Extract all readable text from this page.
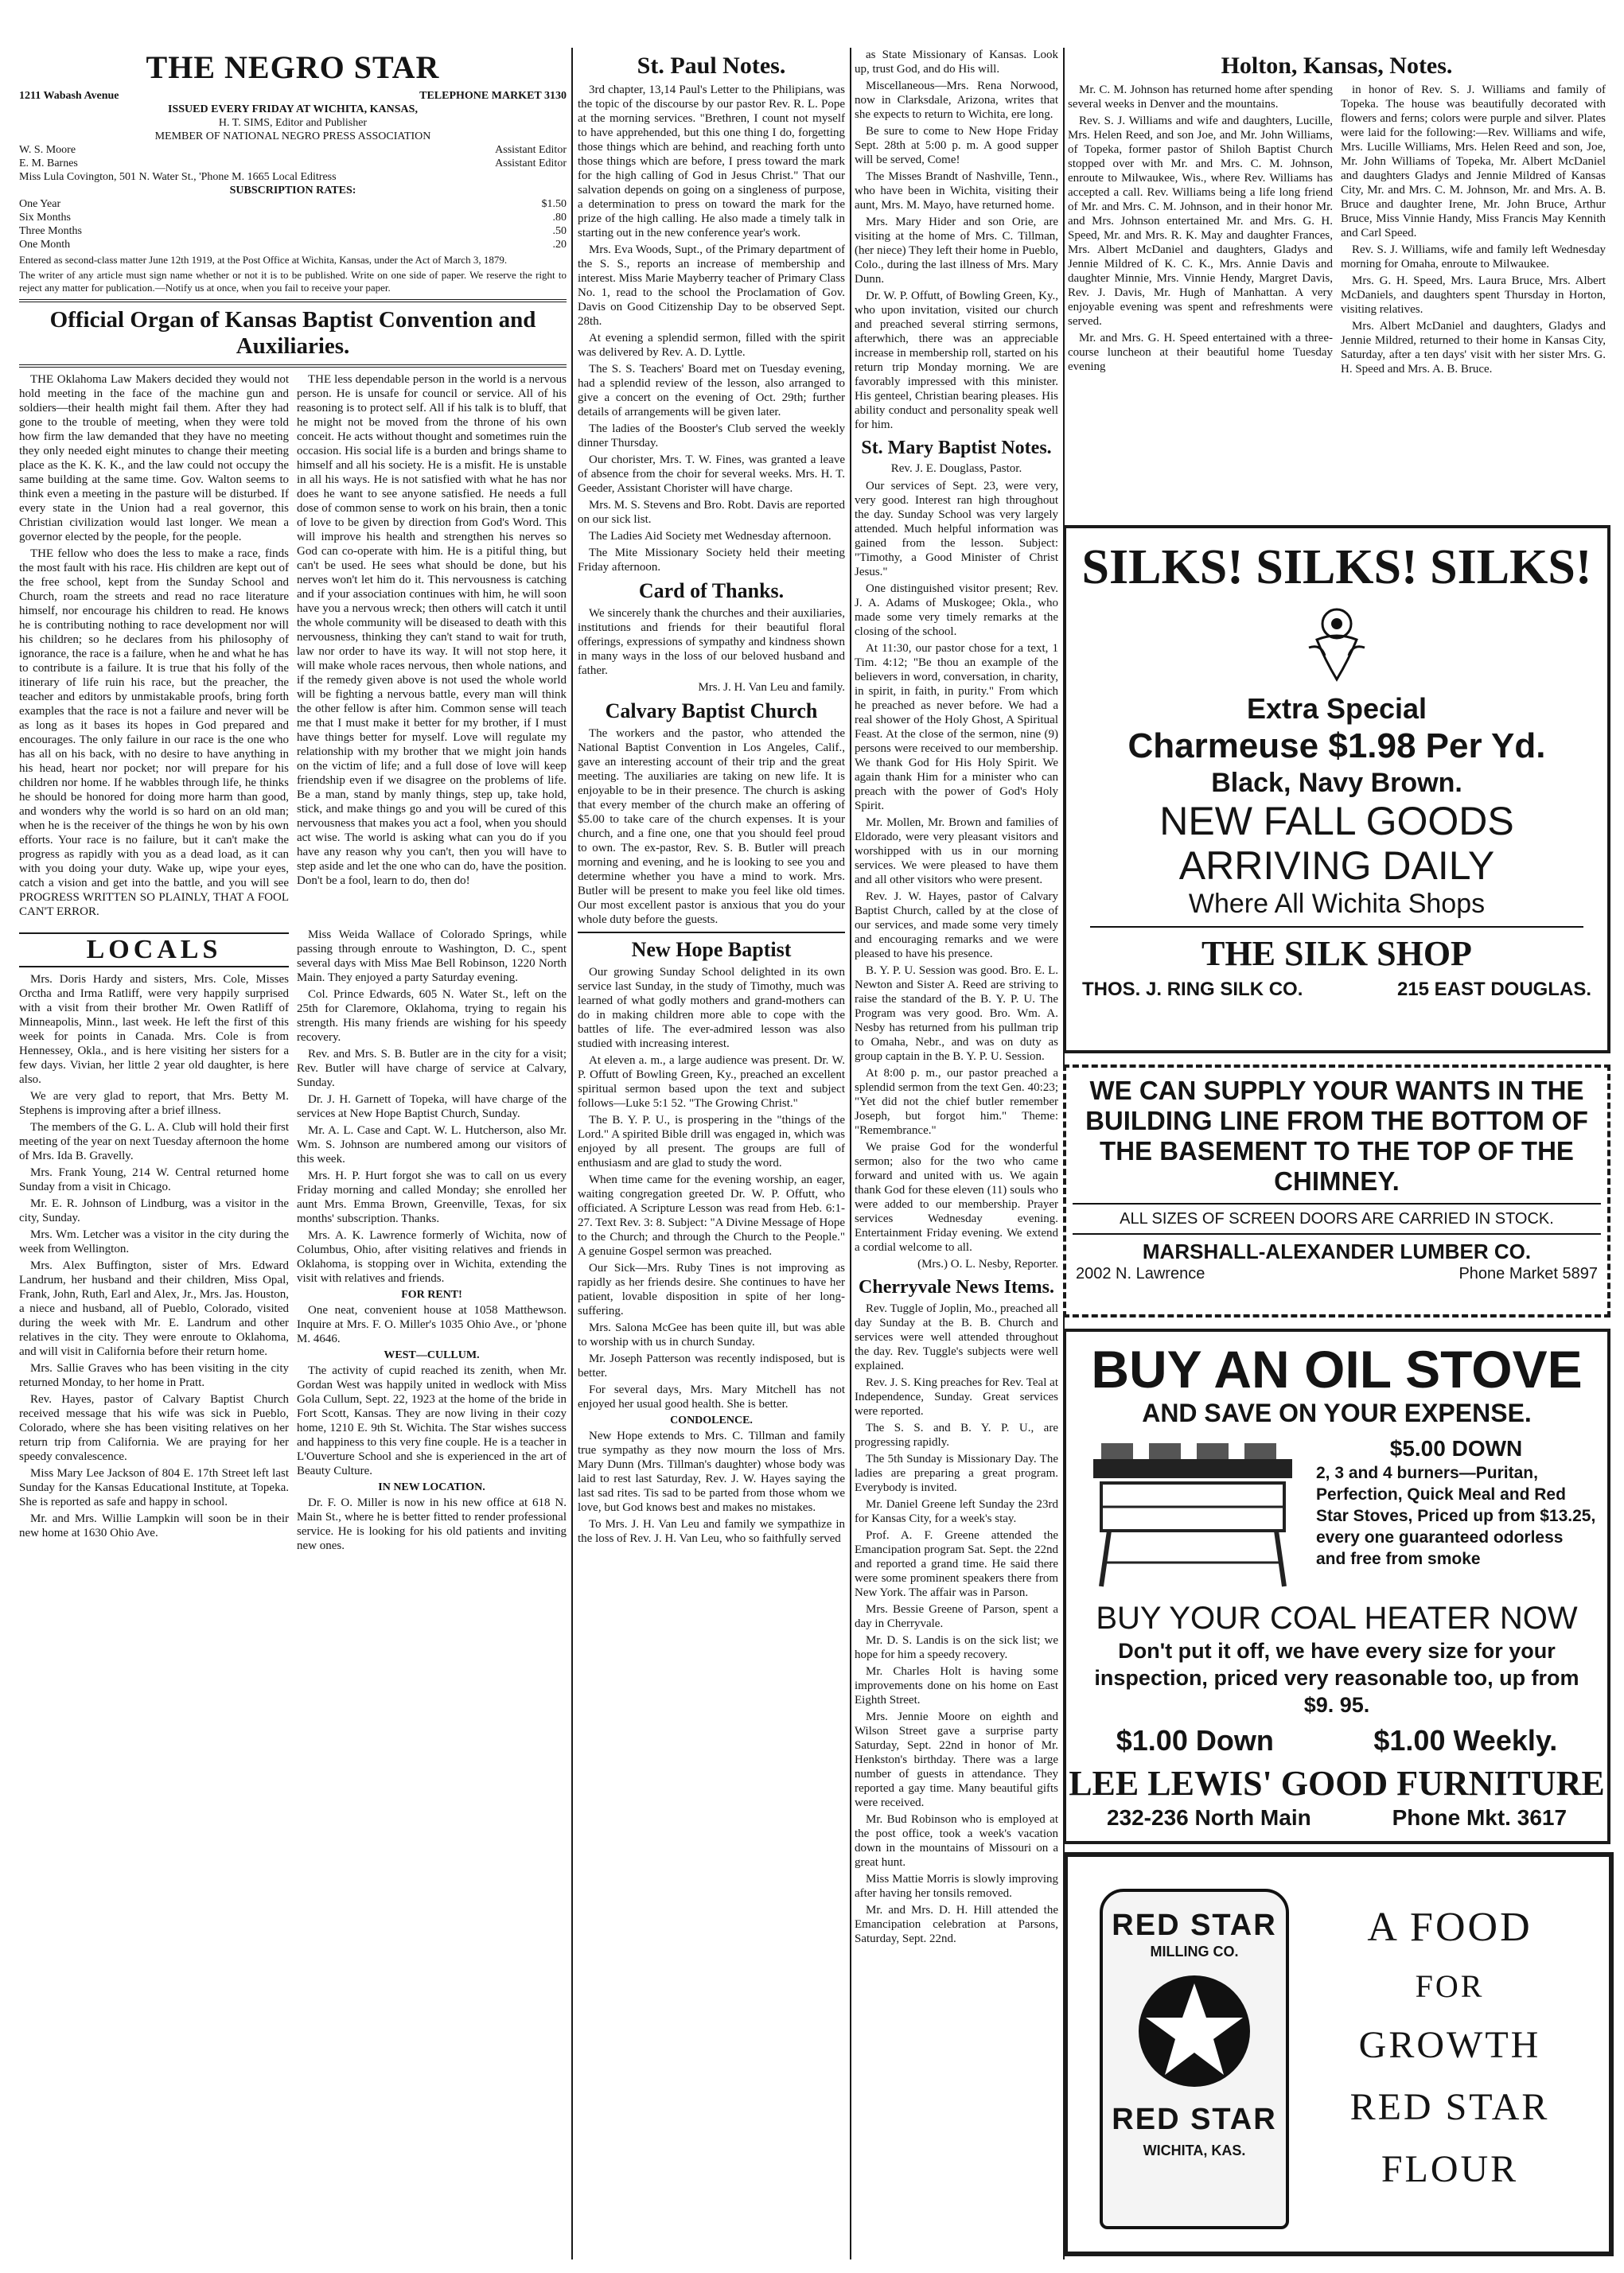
THE NEGRO STAR
1211 Wabash Avenue	TELEPHONE MARKET 3130
ISSUED EVERY FRIDAY AT WICHITA, KANSAS,
H. T. SIMS, Editor and Publisher
MEMBER OF NATIONAL NEGRO PRESS ASSOCIATION
W. S. Moore	Assistant Editor
E. M. Barnes	Assistant Editor
Miss Lula Covington, 501 N. Water St., 'Phone M. 1665 Local Editress
SUBSCRIPTION RATES:
One Year	$1.50
Six Months	.80
Three Months	.50
One Month	.20
Entered as second-class matter June 12th 1919, at the Post Office at Wichita, Kansas, under the Act of March 3, 1879.
The writer of any article must sign name whether or not it is to be published. Write on one side of paper. We reserve the right to reject any matter for publication.—Notify us at once, when you fail to receive your paper.
Official Organ of Kansas Baptist Convention and Auxiliaries.

THE Oklahoma Law Makers decided they would not hold meeting in the face of the machine gun and soldiers—their health might fail them. After they had gone to the trouble of meeting, when they were told how firm the law demanded that they have no meeting they only needed eight minutes to change their meeting place as the K. K. K., and the law could not occupy the same building at the same time. Gov. Walton seems to think even a meeting in the pasture will be disturbed. If every state in the Union had a real governor, this Christian civilization would last longer. We mean a governor elected by the people, for the people.

THE fellow who does the less to make a race, finds the most fault with his race. His children are kept out of the free school, kept from the Sunday School and Church, roam the streets and read no race literature himself, nor encourage his children to read. He knows he is contributing nothing to race development nor will his children; so he declares from his philosophy of ignorance, the race is a failure, when he and what he has to contribute is a failure. It is true that his folly of the itinerary of life ruin his race, but the preacher, the teacher and editors by unmistakable proofs, bring forth examples that the race is not a failure and never will be as long as it bases its hopes in God prepared and encourages. The only failure in our race is the one who has all on his back, with no desire to have anything in his head, heart nor pocket; nor will prepare for his children nor home. If he wabbles through life, he thinks he should be honored for doing more harm than good, and wonders why the world is so hard on an old man; when he is the receiver of the things he won by his own efforts. Your race is no failure, but it can't make the progress as rapidly with you as a dead load, as it can with you doing your duty. Wake up, wipe your eyes, catch a vision and get into the battle, and you will see PROGRESS WRITTEN SO PLAINLY, THAT A FOOL CAN'T ERROR.

THE less dependable person in the world is a nervous person. He is unsafe for council or service. All of his reasoning is to protect self. All if his talk is to bluff, that he might not be moved from the throne of his own conceit. He acts without thought and sometimes ruin the occasion. His social life is a burden and brings shame to himself and all his society. He is a misfit. He is unstable in all his ways. He is not satisfied with what he has nor does he want to see anyone satisfied. He needs a full dose of common sense to work on his brain, then a tonic of love to be given by direction from God's Word. This will improve his health and strengthen his nerves so God can co-operate with him. He is a pitiful thing, but can't be used. He sees what should be done, but his nerves won't let him do it. This nervousness is catching and if your association continues with him, he will soon have you a nervous wreck; then others will catch it until the whole community will be diseased to death with this nervousness, thinking they can't stand to wait for truth, law nor order to have its way. It will not stop here, it will make whole races nervous, then whole nations, and if the remedy given above is not used the whole world will be fighting a nervous battle, every man will think the other fellow is after him. Common sense will teach me that I must make it better for my brother, if I must have things better for myself. Love will regulate my relationship with my brother that we might join hands on the victim of life; and a full dose of love will keep friendship even if we disagree on the problems of life. Be a man, stand by manly things, step up, take hold, stick, and make things go and you will be cured of this nervousness that makes you act a fool, when you should act wise. The world is asking what can you do if you have any reason why you can't, then you will have to step aside and let the one who can do, have the position. Don't be a fool, learn to do, then do!

LOCALS

Mrs. Doris Hardy and sisters, Mrs. Cole, Misses Orctha and Irma Ratliff, were very happily surprised with a visit from their brother Mr. Owen Ratliff of Minneapolis, Minn., last week. He left the first of this week for points in Canada. Mrs. Cole is from Hennessey, Okla., and is here visiting her sisters for a few days. Vivian, her little 2 year old daughter, is here also.

We are very glad to report, that Mrs. Betty M. Stephens is improving after a brief illness.

The members of the G. L. A. Club will hold their first meeting of the year on next Tuesday afternoon the home of Mrs. Ida B. Gravelly.

Mrs. Frank Young, 214 W. Central returned home Sunday from a visit in Chicago.

Mr. E. R. Johnson of Lindburg, was a visitor in the city, Sunday.

Mrs. Wm. Letcher was a visitor in the city during the week from Wellington.

Mrs. Alex Buffington, sister of Mrs. Edward Landrum, her husband and their children, Miss Opal, Frank, John, Ruth, Earl and Alex, Jr., Mrs. Jas. Houston, a niece and husband, all of Pueblo, Colorado, visited during the week with Mr. E. Landrum and other relatives in the city. They were enroute to Oklahoma, and will visit in California before their return home.

Mrs. Sallie Graves who has been visiting in the city returned Monday, to her home in Pratt.

Rev. Hayes, pastor of Calvary Baptist Church received message that his wife was sick in Pueblo, Colorado, where she has been visiting relatives on her return trip from California. We are praying for her speedy convalescence.

Miss Mary Lee Jackson of 804 E. 17th Street left last Sunday for the Kansas Educational Institute, at Topeka. She is reported as safe and happy in school.

Mr. and Mrs. Willie Lampkin will soon be in their new home at 1630 Ohio Ave.

Miss Weida Wallace of Colorado Springs, while passing through enroute to Washington, D. C., spent several days with Miss Mae Bell Robinson, 1220 North Main. They enjoyed a party Saturday evening.

Col. Prince Edwards, 605 N. Water St., left on the 25th for Claremore, Oklahoma, trying to regain his strength. His many friends are wishing for his speedy recovery.

Rev. and Mrs. S. B. Butler are in the city for a visit; Rev. Butler will have charge of service at Calvary, Sunday.

Dr. J. H. Garnett of Topeka, will have charge of the services at New Hope Baptist Church, Sunday.

Mr. A. L. Case and Capt. W. L. Hutcherson, also Mr. Wm. S. Johnson are numbered among our visitors of this week.

Mrs. H. P. Hurt forgot she was to call on us every Friday morning and called Monday; she enrolled her aunt Mrs. Emma Brown, Greenville, Texas, for six months' subscription. Thanks.

Mrs. A. K. Lawrence formerly of Wichita, now of Columbus, Ohio, after visiting relatives and friends in Oklahoma, is stopping over in Wichita, extending the visit with relatives and friends.

FOR RENT!

One neat, convenient house at 1058 Matthewson. Inquire at Mrs. F. O. Miller's 1035 Ohio Ave., or 'phone M. 4646.

WEST—CULLUM.

The activity of cupid reached its zenith, when Mr. Gordan West was happily united in wedlock with Miss Gola Cullum, Sept. 22, 1923 at the home of the bride in Fort Scott, Kansas. They are now living in their cozy home, 1210 E. 9th St. Wichita. The Star wishes success and happiness to this very fine couple. He is a teacher in L'Ouverture School and she is experienced in the art of Beauty Culture.

IN NEW LOCATION.

Dr. F. O. Miller is now in his new office at 618 N. Main St., where he is better fitted to render professional service. He is looking for his old patients and inviting new ones.

St. Paul Notes.

3rd chapter, 13,14 Paul's Letter to the Philipians, was the topic of the discourse by our pastor Rev. R. L. Pope at the morning services. "Brethren, I count not myself to have apprehended, but this one thing I do, forgetting those things which are behind, and reaching forth unto those things which are before, I press toward the mark for the high calling of God in Jesus Christ." That our salvation depends on going on a singleness of purpose, a determination to press on toward the mark for the prize of the high calling. He also made a timely talk in starting out in the new conference year's work.

Mrs. Eva Woods, Supt., of the Primary department of the S. S., reports an increase of membership and interest. Miss Marie Mayberry teacher of Primary Class No. 1, read to the school the Proclamation of Gov. Davis on Good Citizenship Day to be observed Sept. 28th.

At evening a splendid sermon, filled with the spirit was delivered by Rev. A. D. Lyttle.

The S. S. Teachers' Board met on Tuesday evening, had a splendid review of the lesson, also arranged to give a concert on the evening of Oct. 29th; further details of arrangements will be given later.

The ladies of the Booster's Club served the weekly dinner Thursday.

Our chorister, Mrs. T. W. Fines, was granted a leave of absence from the choir for several weeks. Mrs. H. T. Geeder, Assistant Chorister will have charge.

Mrs. M. S. Stevens and Bro. Robt. Davis are reported on our sick list.

The Ladies Aid Society met Wednesday afternoon.

The Mite Missionary Society held their meeting Friday afternoon.

Card of Thanks.

We sincerely thank the churches and their auxiliaries, institutions and friends for their beautiful floral offerings, expressions of sympathy and kindness shown in many ways in the loss of our beloved husband and father.

Mrs. J. H. Van Leu and family.

Calvary Baptist Church

The workers and the pastor, who attended the National Baptist Convention in Los Angeles, Calif., gave an interesting account of their trip and the great meeting. The auxiliaries are taking on new life. It is enjoyable to be in their presence. The church is asking that every member of the church make an offering of $5.00 to take care of the church expenses. It is your church, and a fine one, one that you should feel proud to own. The ex-pastor, Rev. S. B. Butler will preach morning and evening, and he is looking to see you and determine whether you have a mind to work. Mrs. Butler will be present to make you feel like old times. Our most excellent pastor is anxious that you do your whole duty before the guests.

New Hope Baptist

Our growing Sunday School delighted in its own service last Sunday, in the study of Timothy, much was learned of what godly mothers and grand-mothers can do in making children more able to cope with the battles of life. The ever-admired lesson was also studied with increasing interest.

At eleven a. m., a large audience was present. Dr. W. P. Offutt of Bowling Green, Ky., preached an excellent spiritual sermon based upon the text and subject follows—Luke 5:1 52. "The Growing Christ."

The B. Y. P. U., is prospering in the "things of the Lord." A spirited Bible drill was engaged in, which was enjoyed by all present. The groups are full of enthusiasm and are glad to study the word.

When time came for the evening worship, an eager, waiting congregation greeted Dr. W. P. Offutt, who officiated. A Scripture Lesson was read from Heb. 6:1-27. Text Rev. 3: 8. Subject: "A Divine Message of Hope to the Church; and through the Church to the People." A genuine Gospel sermon was preached.

Our Sick—Mrs. Ruby Tines is not improving as rapidly as her friends desire. She continues to have her patient, lovable disposition in spite of her long-suffering.

Mrs. Salona McGee has been quite ill, but was able to worship with us in church Sunday.

Mr. Joseph Patterson was recently indisposed, but is better.

For several days, Mrs. Mary Mitchell has not enjoyed her usual good health. She is better.

CONDOLENCE.

New Hope extends to Mrs. C. Tillman and family true sympathy as they now mourn the loss of Mrs. Mary Dunn (Mrs. Tillman's daughter) whose body was laid to rest last Saturday, Rev. J. W. Hayes saying the last sad rites. Tis sad to be parted from those whom we love, but God knows best and makes no mistakes.

To Mrs. J. H. Van Leu and family we sympathize in the loss of Rev. J. H. Van Leu, who so faithfully served

as State Missionary of Kansas. Look up, trust God, and do His will.

Miscellaneous—Mrs. Rena Norwood, now in Clarksdale, Arizona, writes that she expects to return to Wichita, ere long.

Be sure to come to New Hope Friday Sept. 28th at 5:00 p. m. A good supper will be served, Come!

The Misses Brandt of Nashville, Tenn., who have been in Wichita, visiting their aunt, Mrs. M. Mayo, have returned home.

Mrs. Mary Hider and son Orie, are visiting at the home of Mrs. C. Tillman, (her niece) They left their home in Pueblo, Colo., during the last illness of Mrs. Mary Dunn.

Dr. W. P. Offutt, of Bowling Green, Ky., who upon invitation, visited our church and preached several stirring sermons, afterwhich, there was an appreciable increase in membership roll, started on his return trip Monday morning. We are favorably impressed with this minister. His genteel, Christian bearing pleases. His ability conduct and personality speak well for him.

St. Mary Baptist Notes.
Rev. J. E. Douglass, Pastor.

Our services of Sept. 23, were very, very good. Interest ran high throughout the day. Sunday School was very largely attended. Much helpful information was gained from the lesson. Subject: "Timothy, a Good Minister of Christ Jesus."

One distinguished visitor present; Rev. J. A. Adams of Muskogee; Okla., who made some very timely remarks at the closing of the school.

At 11:30, our pastor chose for a text, 1 Tim. 4:12; "Be thou an example of the believers in word, conversation, in charity, in spirit, in faith, in purity." From which he preached as never before. We had a real shower of the Holy Ghost, A Spiritual Feast. At the close of the sermon, nine (9) persons were received to our membership. We thank God for His Holy Spirit. We again thank Him for a minister who can preach with the power of God's Holy Spirit.

Mr. Mollen, Mr. Brown and families of Eldorado, were very pleasant visitors and worshipped with us in our morning services. We were pleased to have them and all other visitors who were present.

Rev. J. W. Hayes, pastor of Calvary Baptist Church, called by at the close of our services, and made some very timely and encouraging remarks and we were pleased to have his presence.

B. Y. P. U. Session was good. Bro. E. L. Newton and Sister A. Reed are striving to raise the standard of the B. Y. P. U. The Program was very good. Bro. Wm. A. Nesby has returned from his pullman trip to Omaha, Nebr., and was on duty as group captain in the B. Y. P. U. Session.

At 8:00 p. m., our pastor preached a splendid sermon from the text Gen. 40:23; "Yet did not the chief butler remember Joseph, but forgot him." Theme: "Remembrance."

We praise God for the wonderful sermon; also for the two who came forward and united with us. We again thank God for these eleven (11) souls who were added to our membership. Prayer services Wednesday evening. Entertainment Friday evening. We extend a cordial welcome to all.

(Mrs.) O. L. Nesby, Reporter.

Cherryvale News Items.

Rev. Tuggle of Joplin, Mo., preached all day Sunday at the B. B. Church and services were well attended throughout the day. Rev. Tuggle's subjects were well explained.

Rev. J. S. King preaches for Rev. Teal at Independence, Sunday. Great services were reported.

The S. S. and B. Y. P. U., are progressing rapidly.

The 5th Sunday is Missionary Day. The ladies are preparing a great program. Everybody is invited.

Mr. Daniel Greene left Sunday the 23rd for Kansas City, for a week's stay.

Prof. A. F. Greene attended the Emancipation program Sat. Sept. the 22nd and reported a grand time. He said there were some prominent speakers there from New York. The affair was in Parson.

Mrs. Bessie Greene of Parson, spent a day in Cherryvale.

Mr. D. S. Landis is on the sick list; we hope for him a speedy recovery.

Mr. Charles Holt is having some improvements done on his home on East Eighth Street.

Mrs. Jennie Moore on eighth and Wilson Street gave a surprise party Saturday, Sept. 22nd in honor of Mr. Henkston's birthday. There was a large number of guests in attendance. They reported a gay time. Many beautiful gifts were received.

Mr. Bud Robinson who is employed at the post office, took a week's vacation down in the mountains of Missouri on a great hunt.

Miss Mattie Morris is slowly improving after having her tonsils removed.

Mr. and Mrs. D. H. Hill attended the Emancipation celebration at Parsons, Saturday, Sept. 22nd.

Holton, Kansas, Notes.

Mr. C. M. Johnson has returned home after spending several weeks in Denver and the mountains.

Rev. S. J. Williams and wife and daughters, Lucille, Mrs. Helen Reed, and son Joe, and Mr. John Williams, of Topeka, former pastor of Shiloh Baptist Church stopped over with Mr. and Mrs. C. M. Johnson, enroute to Milwaukee, Wis., where Rev. Williams has accepted a call. Rev. Williams being a life long friend of Mr. and Mrs. C. M. Johnson, and in their honor Mr. and Mrs. Johnson entertained Mr. and Mrs. G. H. Speed, Mr. and Mrs. R. K. May and daughter Frances, Mrs. Albert McDaniel and daughters, Gladys and Jennie Mildred of K. C. K., Mrs. Annie Davis and daughter Minnie, Mrs. Vinnie Hendy, Margret Davis, Rev. J. Davis, Mr. Hugh of Manhattan. A very enjoyable evening was spent and refreshments were served.

Mr. and Mrs. G. H. Speed entertained with a three-course luncheon at their beautiful home Tuesday evening

in honor of Rev. S. J. Williams and family of Topeka. The house was beautifully decorated with flowers and ferns; colors were purple and silver. Plates were laid for the following:—Rev. Williams and wife, Mrs. Lucille Williams, Mrs. Helen Reed and son, Joe, Mr. John Williams of Topeka, Mr. Albert McDaniel and daughters Gladys and Jennie Mildred of Kansas City, Mr. and Mrs. C. M. Johnson, Mr. and Mrs. A. B. Bruce and daughter Irene, Mr. John Bruce, Arthur Bruce, Miss Vinnie Handy, Miss Francis May Kennith and Carl Speed.

Rev. S. J. Williams, wife and family left Wednesday morning for Omaha, enroute to Milwaukee.

Mrs. G. H. Speed, Mrs. Laura Bruce, Mrs. Albert McDaniels, and daughters spent Thursday in Horton, visiting relatives.

Mrs. Albert McDaniel and daughters, Gladys and Jennie Mildred, returned to their home in Kansas City, Saturday, after a ten days' visit with her sister Mrs. G. H. Speed and Mrs. A. B. Bruce.

SILKS! SILKS! SILKS!
Extra Special
Charmeuse $1.98 Per Yd.
Black, Navy Brown.
NEW FALL GOODS
ARRIVING DAILY
Where All Wichita Shops
THE SILK SHOP
THOS. J. RING SILK CO.	215 EAST DOUGLAS.
WE CAN SUPPLY YOUR WANTS IN THE BUILDING LINE FROM THE BOTTOM OF THE BASEMENT TO THE TOP OF THE CHIMNEY.
ALL SIZES OF SCREEN DOORS ARE CARRIED IN STOCK.
MARSHALL-ALEXANDER LUMBER CO.
2002 N. Lawrence	Phone Market 5897
BUY AN OIL STOVE
AND SAVE ON YOUR EXPENSE.
$5.00 DOWN
2, 3 and 4 burners—Puritan, Perfection, Quick Meal and Red Star Stoves, Priced up from $13.25, every one guaranteed odorless and free from smoke
BUY YOUR COAL HEATER NOW
Don't put it off, we have every size for your inspection, priced very reasonable too, up from $9. 95.
$1.00 Down	$1.00 Weekly.
LEE LEWIS' GOOD FURNITURE
232-236 North Main	Phone Mkt. 3617
RED STAR
MILLING CO.
RED STAR
WICHITA, KAS.
A FOOD
FOR
GROWTH
RED STAR
FLOUR
